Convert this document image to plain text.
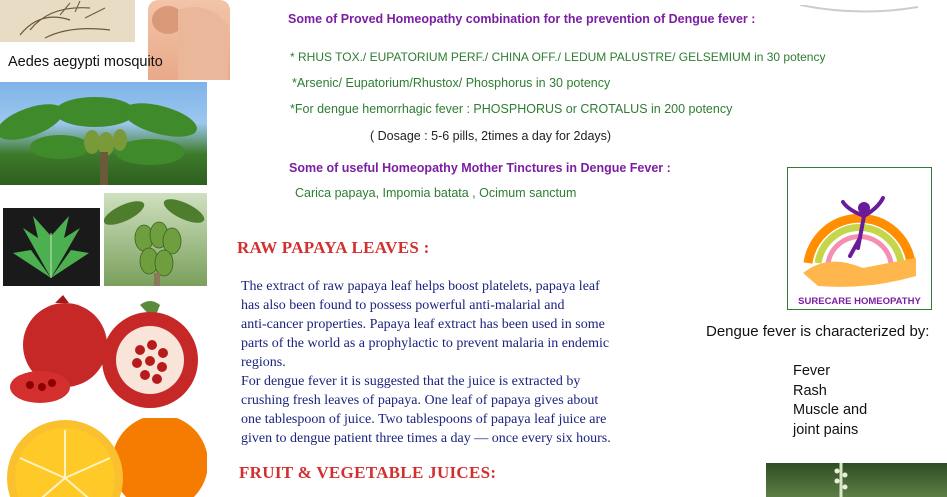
Aedes aegypti mosquito
Some of Proved Homeopathy combination for the prevention of Dengue fever :
* RHUS TOX./ EUPATORIUM PERF./ CHINA OFF./ LEDUM PALUSTRE/ GELSEMIUM in 30 potency
*Arsenic/ Eupatorium/Rhustox/ Phosphorus in 30 potency
*For dengue hemorrhagic fever : PHOSPHORUS or CROTALUS in 200 potency
( Dosage : 5-6 pills, 2times a day for 2days)
Some of useful Homeopathy Mother Tinctures in Dengue Fever :
Carica papaya, Impomia batata , Ocimum sanctum
RAW PAPAYA LEAVES :
The extract of raw papaya leaf helps boost platelets, papaya leaf
has also been found to possess powerful anti-malarial and
anti-cancer properties. Papaya leaf extract has been used in some
parts of the world as a prophylactic to prevent malaria in endemic
regions.
For dengue fever it is suggested that the juice is extracted by
crushing fresh leaves of papaya. One leaf of papaya gives about
one tablespoon of juice. Two tablespoons of papaya leaf juice are
given to dengue patient three times a day — once every six hours.
FRUIT & VEGETABLE JUICES:
SURECARE HOMEOPATHY
Dengue fever is characterized by:
Fever
Rash
Muscle and
joint pains
